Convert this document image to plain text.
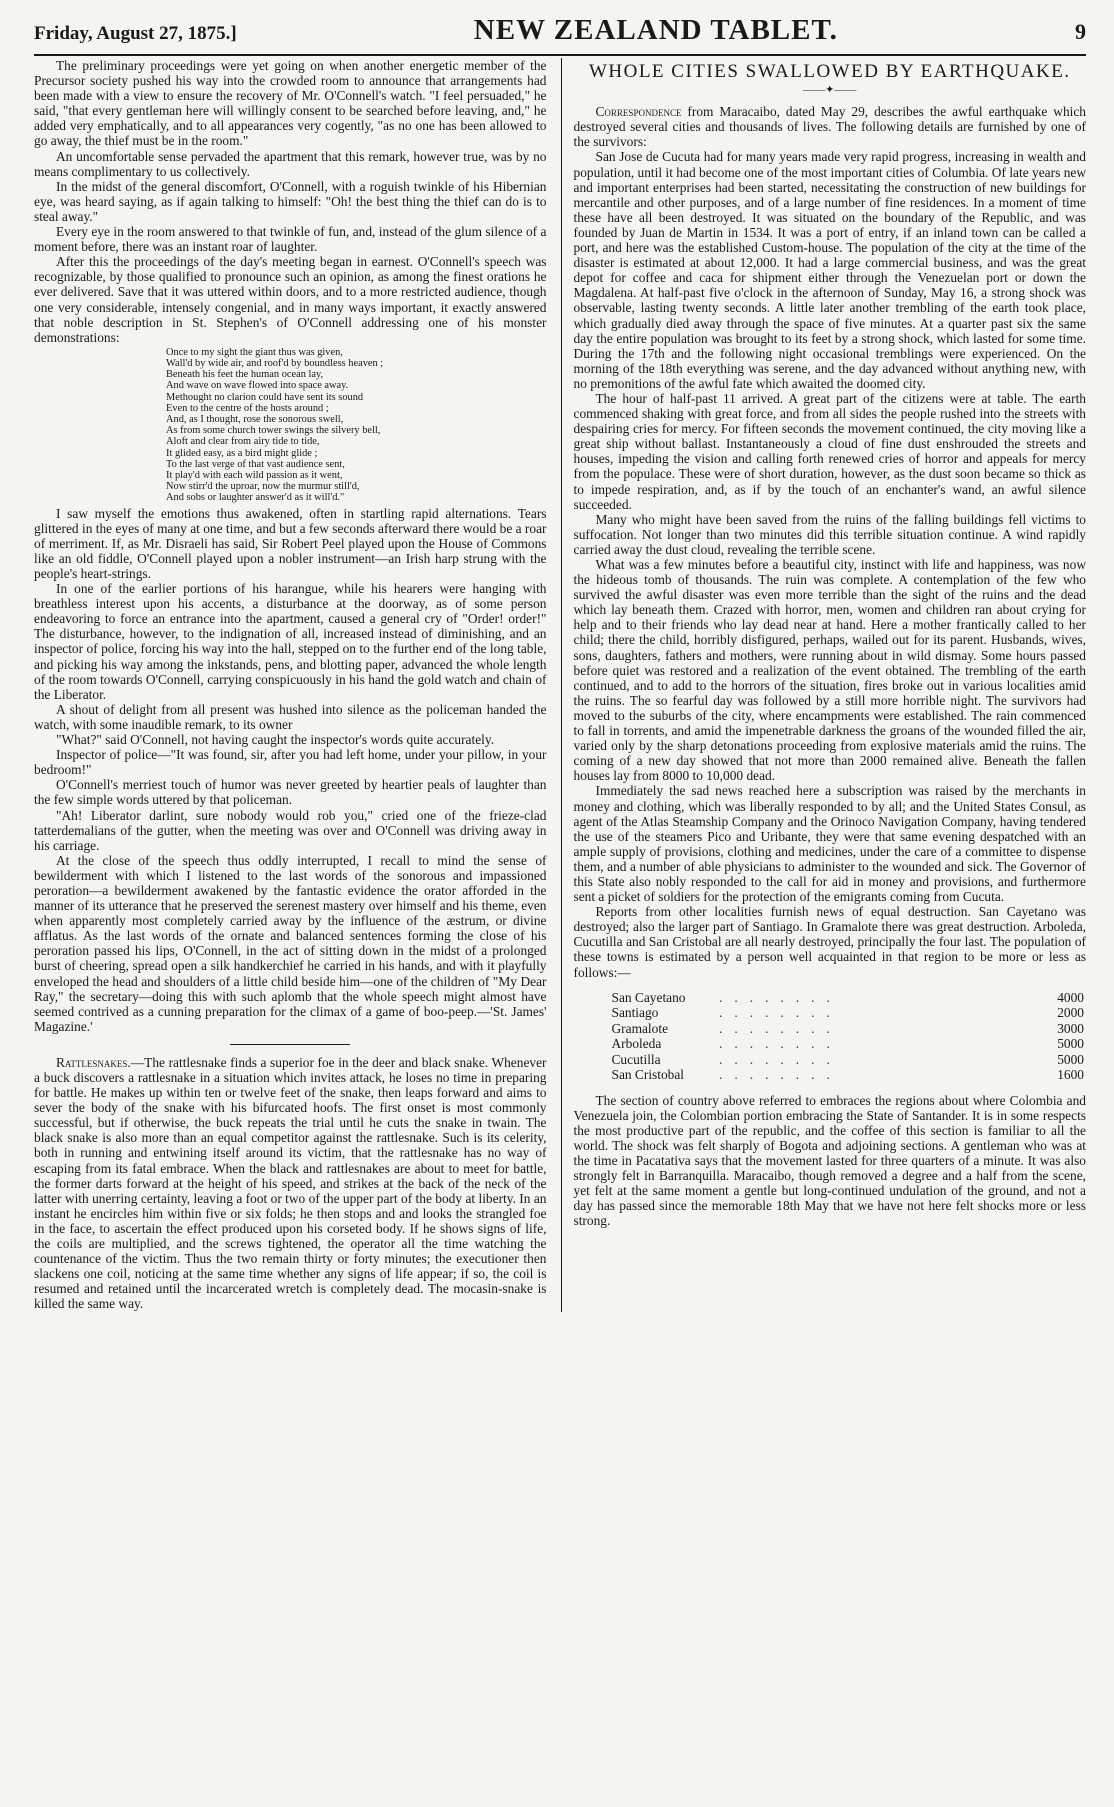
Friday, August 27, 1875.]	NEW ZEALAND TABLET.	9

The preliminary proceedings were yet going on when another energetic member of the Precursor society pushed his way into the crowded room to announce that arrangements had been made with a view to ensure the recovery of Mr. O'Connell's watch. "I feel persuaded," he said, "that every gentleman here will willingly consent to be searched before leaving, and," he added very emphatically, and to all appearances very cogently, "as no one has been allowed to go away, the thief must be in the room."

An uncomfortable sense pervaded the apartment that this remark, however true, was by no means complimentary to us collectively.

In the midst of the general discomfort, O'Connell, with a roguish twinkle of his Hibernian eye, was heard saying, as if again talking to himself: "Oh! the best thing the thief can do is to steal away."

Every eye in the room answered to that twinkle of fun, and, instead of the glum silence of a moment before, there was an instant roar of laughter.

After this the proceedings of the day's meeting began in earnest. O'Connell's speech was recognizable, by those qualified to pronounce such an opinion, as among the finest orations he ever delivered. Save that it was uttered within doors, and to a more restricted audience, though one very considerable, intensely congenial, and in many ways important, it exactly answered that noble description in St. Stephen's of O'Connell addressing one of his monster demonstrations:

Once to my sight the giant thus was given,
Wall'd by wide air, and roof'd by boundless heaven ;
Beneath his feet the human ocean lay,
And wave on wave flowed into space away.
Methought no clarion could have sent its sound
Even to the centre of the hosts around ;
And, as I thought, rose the sonorous swell,
As from some church tower swings the silvery bell,
Aloft and clear from airy tide to tide,
It glided easy, as a bird might glide ;
To the last verge of that vast audience sent,
It play'd with each wild passion as it went,
Now stirr'd the uproar, now the murmur still'd,
And sobs or laughter answer'd as it will'd."

I saw myself the emotions thus awakened, often in startling rapid alternations. Tears glittered in the eyes of many at one time, and but a few seconds afterward there would be a roar of merriment. If, as Mr. Disraeli has said, Sir Robert Peel played upon the House of Commons like an old fiddle, O'Connell played upon a nobler instrument—an Irish harp strung with the people's heart-strings.

In one of the earlier portions of his harangue, while his hearers were hanging with breathless interest upon his accents, a disturbance at the doorway, as of some person endeavoring to force an entrance into the apartment, caused a general cry of "Order! order!" The disturbance, however, to the indignation of all, increased instead of diminishing, and an inspector of police, forcing his way into the hall, stepped on to the further end of the long table, and picking his way among the inkstands, pens, and blotting paper, advanced the whole length of the room towards O'Connell, carrying conspicuously in his hand the gold watch and chain of the Liberator.

A shout of delight from all present was hushed into silence as the policeman handed the watch, with some inaudible remark, to its owner

"What?" said O'Connell, not having caught the inspector's words quite accurately.

Inspector of police—"It was found, sir, after you had left home, under your pillow, in your bedroom!"

O'Connell's merriest touch of humor was never greeted by heartier peals of laughter than the few simple words uttered by that policeman.

"Ah! Liberator darlint, sure nobody would rob you," cried one of the frieze-clad tatterdemalians of the gutter, when the meeting was over and O'Connell was driving away in his carriage.

At the close of the speech thus oddly interrupted, I recall to mind the sense of bewilderment with which I listened to the last words of the sonorous and impassioned peroration—a bewilderment awakened by the fantastic evidence the orator afforded in the manner of its utterance that he preserved the serenest mastery over himself and his theme, even when apparently most completely carried away by the influence of the æstrum, or divine afflatus. As the last words of the ornate and balanced sentences forming the close of his peroration passed his lips, O'Connell, in the act of sitting down in the midst of a prolonged burst of cheering, spread open a silk handkerchief he carried in his hands, and with it playfully enveloped the head and shoulders of a little child beside him—one of the children of "My Dear Ray," the secretary—doing this with such aplomb that the whole speech might almost have seemed contrived as a cunning preparation for the climax of a game of boo-peep.—'St. James' Magazine.'

Rattlesnakes.—The rattlesnake finds a superior foe in the deer and black snake. Whenever a buck discovers a rattlesnake in a situation which invites attack, he loses no time in preparing for battle. He makes up within ten or twelve feet of the snake, then leaps forward and aims to sever the body of the snake with his bifurcated hoofs. The first onset is most commonly successful, but if otherwise, the buck repeats the trial until he cuts the snake in twain. The black snake is also more than an equal competitor against the rattlesnake. Such is its celerity, both in running and entwining itself around its victim, that the rattlesnake has no way of escaping from its fatal embrace. When the black and rattlesnakes are about to meet for battle, the former darts forward at the height of his speed, and strikes at the back of the neck of the latter with unerring certainty, leaving a foot or two of the upper part of the body at liberty. In an instant he encircles him within five or six folds; he then stops and and looks the strangled foe in the face, to ascertain the effect produced upon his corseted body. If he shows signs of life, the coils are multiplied, and the screws tightened, the operator all the time watching the countenance of the victim. Thus the two remain thirty or forty minutes; the executioner then slackens one coil, noticing at the same time whether any signs of life appear; if so, the coil is resumed and retained until the incarcerated wretch is completely dead. The mocasin-snake is killed the same way.

WHOLE CITIES SWALLOWED BY EARTHQUAKE.
——✦——

Correspondence from Maracaibo, dated May 29, describes the awful earthquake which destroyed several cities and thousands of lives. The following details are furnished by one of the survivors:

San Jose de Cucuta had for many years made very rapid progress, increasing in wealth and population, until it had become one of the most important cities of Columbia. Of late years new and important enterprises had been started, necessitating the construction of new buildings for mercantile and other purposes, and of a large number of fine residences. In a moment of time these have all been destroyed. It was situated on the boundary of the Republic, and was founded by Juan de Martin in 1534. It was a port of entry, if an inland town can be called a port, and here was the established Custom-house. The population of the city at the time of the disaster is estimated at about 12,000. It had a large commercial business, and was the great depot for coffee and caca for shipment either through the Venezuelan port or down the Magdalena. At half-past five o'clock in the afternoon of Sunday, May 16, a strong shock was observable, lasting twenty seconds. A little later another trembling of the earth took place, which gradually died away through the space of five minutes. At a quarter past six the same day the entire population was brought to its feet by a strong shock, which lasted for some time. During the 17th and the following night occasional tremblings were experienced. On the morning of the 18th everything was serene, and the day advanced without anything new, with no premonitions of the awful fate which awaited the doomed city.

The hour of half-past 11 arrived. A great part of the citizens were at table. The earth commenced shaking with great force, and from all sides the people rushed into the streets with despairing cries for mercy. For fifteen seconds the movement continued, the city moving like a great ship without ballast. Instantaneously a cloud of fine dust enshrouded the streets and houses, impeding the vision and calling forth renewed cries of horror and appeals for mercy from the populace. These were of short duration, however, as the dust soon became so thick as to impede respiration, and, as if by the touch of an enchanter's wand, an awful silence succeeded.

Many who might have been saved from the ruins of the falling buildings fell victims to suffocation. Not longer than two minutes did this terrible situation continue. A wind rapidly carried away the dust cloud, revealing the terrible scene.

What was a few minutes before a beautiful city, instinct with life and happiness, was now the hideous tomb of thousands. The ruin was complete. A contemplation of the few who survived the awful disaster was even more terrible than the sight of the ruins and the dead which lay beneath them. Crazed with horror, men, women and children ran about crying for help and to their friends who lay dead near at hand. Here a mother frantically called to her child; there the child, horribly disfigured, perhaps, wailed out for its parent. Husbands, wives, sons, daughters, fathers and mothers, were running about in wild dismay. Some hours passed before quiet was restored and a realization of the event obtained. The trembling of the earth continued, and to add to the horrors of the situation, fires broke out in various localities amid the ruins. The so fearful day was followed by a still more horrible night. The survivors had moved to the suburbs of the city, where encampments were established. The rain commenced to fall in torrents, and amid the impenetrable darkness the groans of the wounded filled the air, varied only by the sharp detonations proceeding from explosive materials amid the ruins. The coming of a new day showed that not more than 2000 remained alive. Beneath the fallen houses lay from 8000 to 10,000 dead.

Immediately the sad news reached here a subscription was raised by the merchants in money and clothing, which was liberally responded to by all; and the United States Consul, as agent of the Atlas Steamship Company and the Orinoco Navigation Company, having tendered the use of the steamers Pico and Uribante, they were that same evening despatched with an ample supply of provisions, clothing and medicines, under the care of a committee to dispense them, and a number of able physicians to administer to the wounded and sick. The Governor of this State also nobly responded to the call for aid in money and provisions, and furthermore sent a picket of soldiers for the protection of the emigrants coming from Cucuta.

Reports from other localities furnish news of equal destruction. San Cayetano was destroyed; also the larger part of Santiago. In Gramalote there was great destruction. Arboleda, Cucutilla and San Cristobal are all nearly destroyed, principally the four last. The population of these towns is estimated by a person well acquainted in that region to be more or less as follows:—

San Cayetano	........	4000
Santiago	........	2000
Gramalote	........	3000
Arboleda	........	5000
Cucutilla	........	5000
San Cristobal	........	1600

The section of country above referred to embraces the regions about where Colombia and Venezuela join, the Colombian portion embracing the State of Santander. It is in some respects the most productive part of the republic, and the coffee of this section is familiar to all the world. The shock was felt sharply of Bogota and adjoining sections. A gentleman who was at the time in Pacatativa says that the movement lasted for three quarters of a minute. It was also strongly felt in Barranquilla. Maracaibo, though removed a degree and a half from the scene, yet felt at the same moment a gentle but long-continued undulation of the ground, and not a day has passed since the memorable 18th May that we have not here felt shocks more or less strong.
